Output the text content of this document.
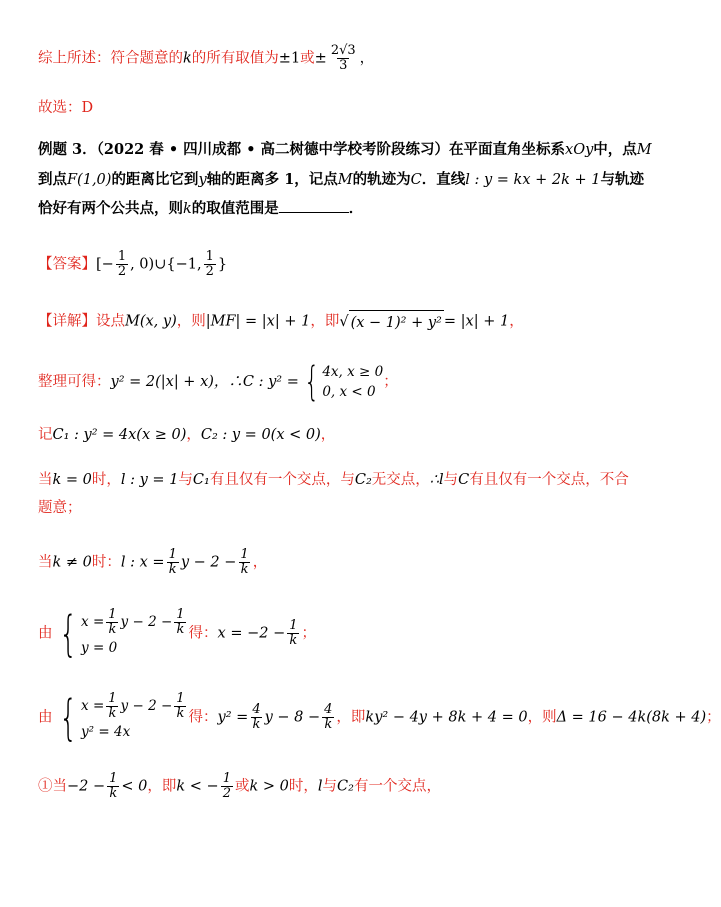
综上所述：符合题意的k的所有取值为±1或± $\frac{2√3}{3}$ ，
故选：D
例题 3．（2022 春 • 四川成都 • 高二树德中学校考阶段练习）在平面直角坐标系xOy中，点M
到点F(1,0)的距离比它到y轴的距离多 1，记点M的轨迹为C．直线l : y = kx + 2k + 1与轨迹
恰好有两个公共点，则k的取值范围是	．
【答案】[− $\frac{1}{2}$ , 0)∪{−1, $\frac{1}{2}$ }
【详解】设点M(x, y)，则|MF| = |x| + 1，即 √ (x − 1)² + y² = |x| + 1，
整理可得：y² = 2(|x| + x)，∴C : y² = { 4x, x ≥ 0
0, x < 0
；
记C₁ : y² = 4x(x ≥ 0)，C₂ : y = 0(x < 0)，
当k = 0时，l : y = 1与C₁有且仅有一个交点，与C₂无交点，∴l与C有且仅有一个交点，不合
题意；
当k ≠ 0时：l : $x = \frac{1}{k}$ $y - 2 - \frac{1}{k}$ ，
由 { $x = \frac{1}{k}$ $y - 2 - \frac{1}{k}$
y = 0
得：$x = -2 - \frac{1}{k}$ ；
由 { $x = \frac{1}{k}$ $y - 2 - \frac{1}{k}$
y² = 4x
得：$y^2 = \frac{4}{k}$ $y - 8 - \frac{4}{k}$ ，即ky² − 4y + 8k + 4 = 0，则Δ = 16 − 4k(8k + 4)；
①当$-2 - \frac{1}{k} < 0$，即k < − $\frac{1}{2}$ 或k > 0时，l与C₂有一个交点，
